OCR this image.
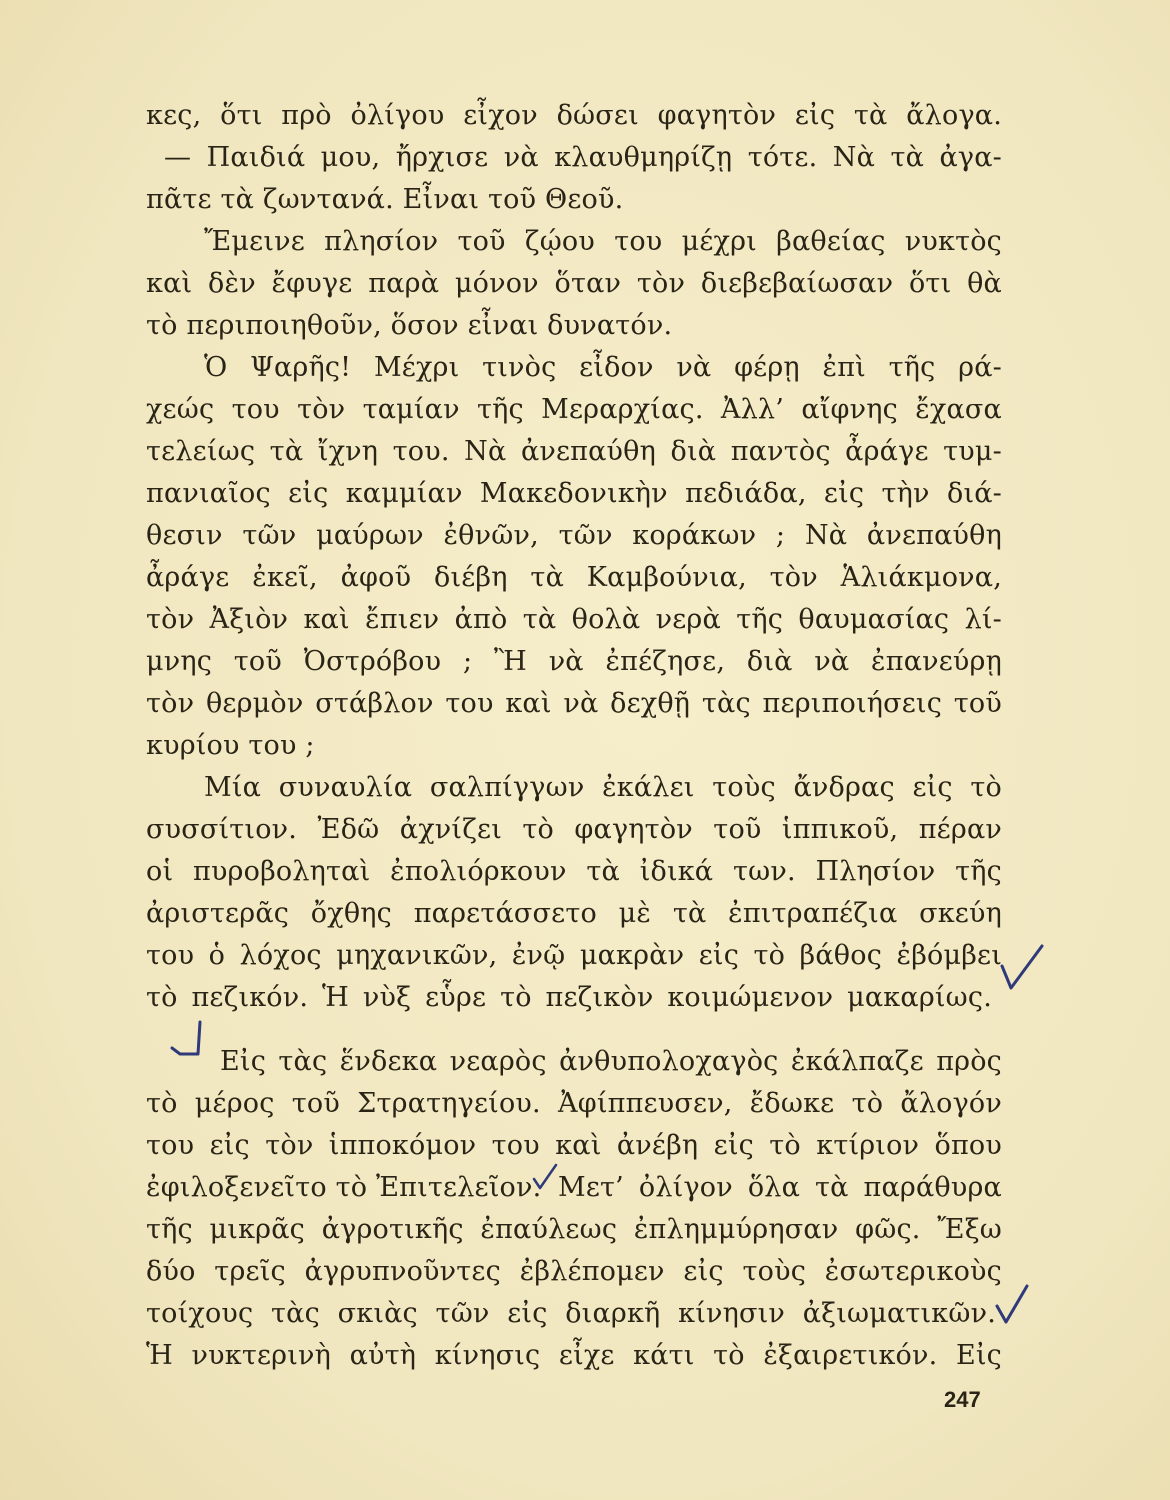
κες, ὅτι πρὸ ὀλίγου εἶχον δώσει φαγητὸν εἰς τὰ ἄλογα.
— Παιδιά μου, ἤρχισε νὰ κλαυθμηρίζῃ τότε. Νὰ τὰ ἀγα-
πᾶτε τὰ ζωντανά. Εἶναι τοῦ Θεοῦ.
Ἔμεινε πλησίον τοῦ ζῴου του μέχρι βαθείας νυκτὸς
καὶ δὲν ἔφυγε παρὰ μόνον ὅταν τὸν διεβεβαίωσαν ὅτι θὰ
τὸ περιποιηθοῦν, ὅσον εἶναι δυνατόν.
Ὁ Ψαρῆς! Μέχρι τινὸς εἶδον νὰ φέρῃ ἐπὶ τῆς ρά-
χεώς του τὸν ταμίαν τῆς Μεραρχίας. Ἀλλ’ αἴφνης ἔχασα
τελείως τὰ ἴχνη του. Νὰ ἀνεπαύθη διὰ παντὸς ἆράγε τυμ-
πανιαῖος εἰς καμμίαν Μακεδονικὴν πεδιάδα, εἰς τὴν διά-
θεσιν τῶν μαύρων ἐθνῶν, τῶν κοράκων ; Νὰ ἀνεπαύθη
ἆράγε ἐκεῖ, ἀφοῦ διέβη τὰ Καμβούνια, τὸν Ἁλιάκμονα,
τὸν Ἀξιὸν καὶ ἔπιεν ἀπὸ τὰ θολὰ νερὰ τῆς θαυμασίας λί-
μνης τοῦ Ὀστρόβου ; Ἢ νὰ ἐπέζησε, διὰ νὰ ἐπανεύρῃ
τὸν θερμὸν στάβλον του καὶ νὰ δεχθῇ τὰς περιποιήσεις τοῦ
κυρίου του ;
Μία συναυλία σαλπίγγων ἐκάλει τοὺς ἄνδρας εἰς τὸ
συσσίτιον. Ἐδῶ ἀχνίζει τὸ φαγητὸν τοῦ ἱππικοῦ, πέραν
οἱ πυροβοληταὶ ἐπολιόρκουν τὰ ἰδικά των. Πλησίον τῆς
ἀριστερᾶς ὄχθης παρετάσσετο μὲ τὰ ἐπιτραπέζια σκεύη
του ὁ λόχος μηχανικῶν, ἐνῷ μακρὰν εἰς τὸ βάθος ἐβόμβει
τὸ πεζικόν. Ἡ νὺξ εὗρε τὸ πεζικὸν κοιμώμενον μακαρίως.
Εἰς τὰς ἕνδεκα νεαρὸς ἀνθυπολοχαγὸς ἐκάλπαζε πρὸς
τὸ μέρος τοῦ Στρατηγείου. Ἀφίππευσεν, ἔδωκε τὸ ἄλογόν
του εἰς τὸν ἱπποκόμον του καὶ ἀνέβη εἰς τὸ κτίριον ὅπου
ἐφιλοξενεῖτο τὸ Ἐπιτελεῖον. Μετ’ ὀλίγον ὅλα τὰ παράθυρα
τῆς μικρᾶς ἀγροτικῆς ἐπαύλεως ἐπλημμύρησαν φῶς. Ἔξω
δύο τρεῖς ἀγρυπνοῦντες ἐβλέπομεν εἰς τοὺς ἐσωτερικοὺς
τοίχους τὰς σκιὰς τῶν εἰς διαρκῆ κίνησιν ἀξιωματικῶν.
Ἡ νυκτερινὴ αὐτὴ κίνησις εἶχε κάτι τὸ ἐξαιρετικόν. Εἰς
247
